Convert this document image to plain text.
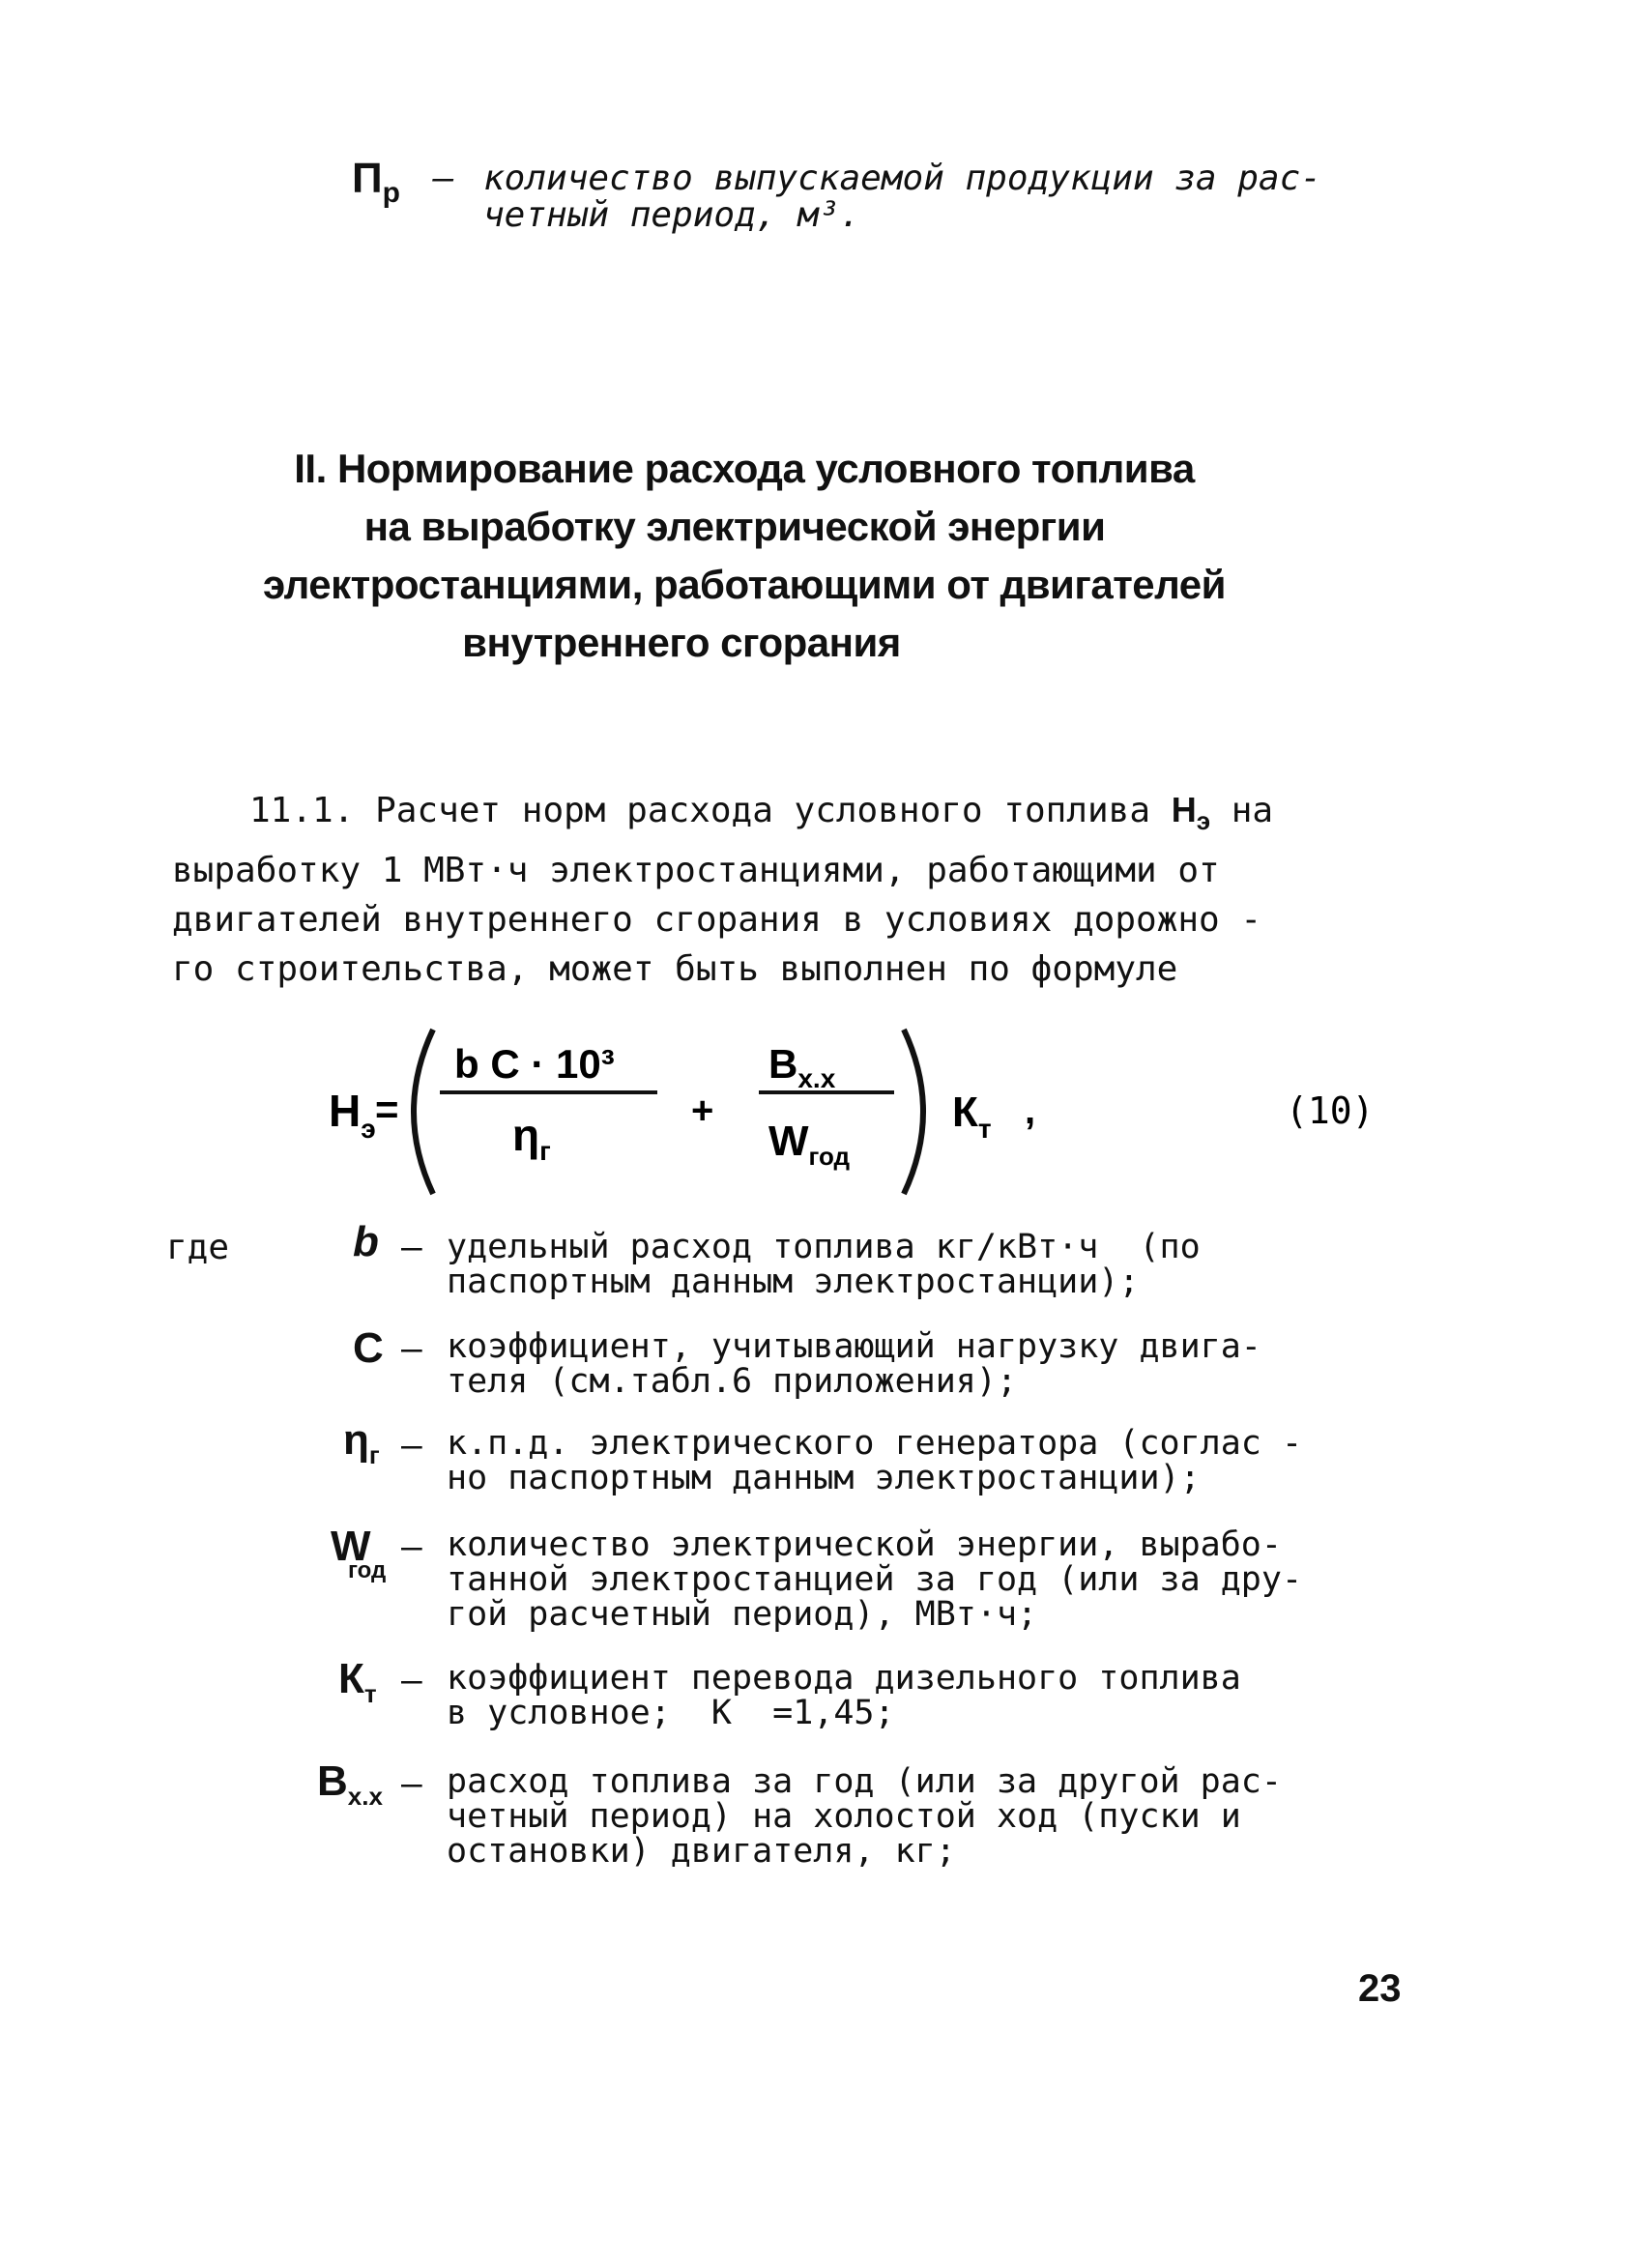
$П_р$ – количество выпускаемой продукции за рас-
четный период, м³.
II. Нормирование расхода условного топлива
на выработку электрической энергии
электростанциями, работающими от двигателей
внутреннего сгорания
11.1. Расчет норм расхода условного топлива $Н_э$ на
выработку 1 МВт·ч электростанциями, работающими от
двигателей внутреннего сгорания в условиях дорожно -
го строительства, может быть выполнен по формуле
$Н_э$ =
b C · 10³
$\eta_г$
+
$В_{х.х}$
$W_{год}$
$К_т$ ,	(10)
где	b – удельный расход топлива кг/кВт·ч  (по
паспортным данным электростанции);
С – коэффициент, учитывающий нагрузку двига-
теля (см.табл.6 приложения);
$\eta_г - к.п.д$. электрического генератора (соглас -
но паспортным данным электростанции);
W
год
– количество электрической энергии, вырабо-
танной электростанцией за год (или за дру-
гой расчетный период), МВт·ч;
$К_т$ – коэффициент перевода дизельного топлива
в условное;  К  =1,45;
$В_{х.х}$ – расход топлива за год (или за другой рас-
четный период) на холостой ход (пуски и
остановки) двигателя, кг;
23
